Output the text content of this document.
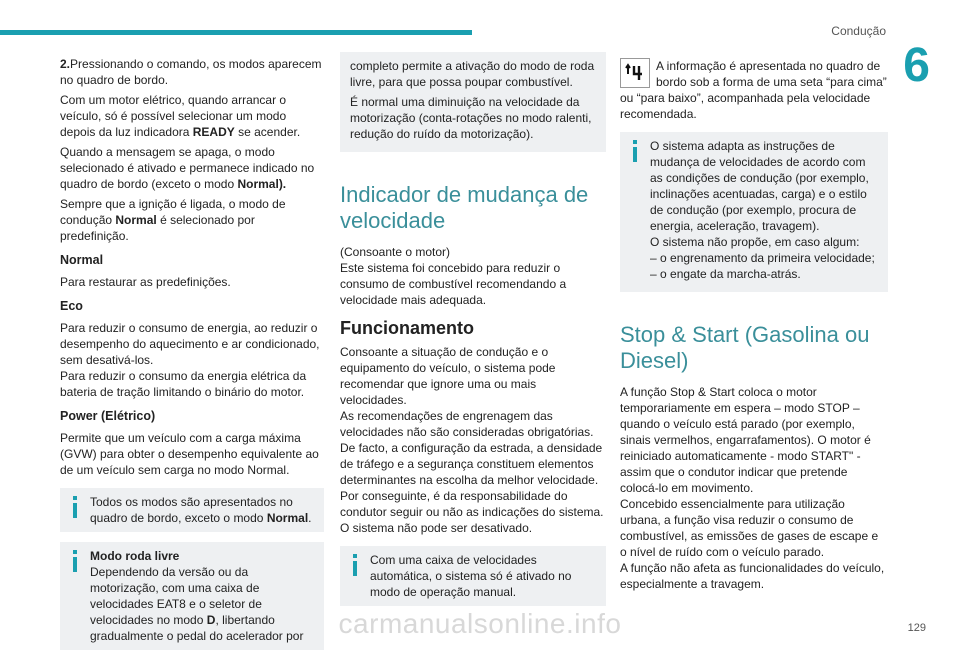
Condução
6

2.Pressionando o comando, os modos aparecem no quadro de bordo.

Com um motor elétrico, quando arrancar o veículo, só é possível selecionar um modo depois da luz indicadora READY se acender.

Quando a mensagem se apaga, o modo selecionado é ativado e permanece indicado no quadro de bordo (exceto o modo Normal).

Sempre que a ignição é ligada, o modo de condução Normal é selecionado por predefinição.

Normal

Para restaurar as predefinições.

Eco

Para reduzir o consumo de energia, ao reduzir o desempenho do aquecimento e ar condicionado, sem desativá-los.

Para reduzir o consumo da energia elétrica da bateria de tração limitando o binário do motor.

Power (Elétrico)

Permite que um veículo com a carga máxima (GVW) para obter o desempenho equivalente ao de um veículo sem carga no modo Normal.

Todos os modos são apresentados no quadro de bordo, exceto o modo Normal.
Modo roda livre
Dependendo da versão ou da motorização, com uma caixa de velocidades EAT8 e o seletor de velocidades no modo D, libertando gradualmente o pedal do acelerador por

completo permite a ativação do modo de roda livre, para que possa poupar combustível.

É normal uma diminuição na velocidade da motorização (conta-rotações no modo ralenti, redução do ruído da motorização).

Indicador de mudança de velocidade

(Consoante o motor)

Este sistema foi concebido para reduzir o consumo de combustível recomendando a velocidade mais adequada.

Funcionamento

Consoante a situação de condução e o equipamento do veículo, o sistema pode recomendar que ignore uma ou mais velocidades.

As recomendações de engrenagem das velocidades não são consideradas obrigatórias. De facto, a configuração da estrada, a densidade de tráfego e a segurança constituem elementos determinantes na escolha da melhor velocidade. Por conseguinte, é da responsabilidade do condutor seguir ou não as indicações do sistema.

O sistema não pode ser desativado.

Com uma caixa de velocidades automática, o sistema só é ativado no modo de operação manual.

A informação é apresentada no quadro de bordo sob a forma de uma seta “para cima” ou “para baixo”, acompanhada pela velocidade recomendada.

O sistema adapta as instruções de mudança de velocidades de acordo com as condições de condução (por exemplo, inclinações acentuadas, carga) e o estilo de condução (por exemplo, procura de energia, aceleração, travagem).

O sistema não propõe, em caso algum:

– o engrenamento da primeira velocidade;

– o engate da marcha-atrás.

Stop & Start (Gasolina ou Diesel)

A função Stop & Start coloca o motor temporariamente em espera – modo STOP – quando o veículo está parado (por exemplo, sinais vermelhos, engarrafamentos). O motor é reiniciado automaticamente - modo START" - assim que o condutor indicar que pretende colocá-lo em movimento.

Concebido essencialmente para utilização urbana, a função visa reduzir o consumo de combustível, as emissões de gases de escape e o nível de ruído com o veículo parado.

A função não afeta as funcionalidades do veículo, especialmente a travagem.

129
carmanualsonline.info
